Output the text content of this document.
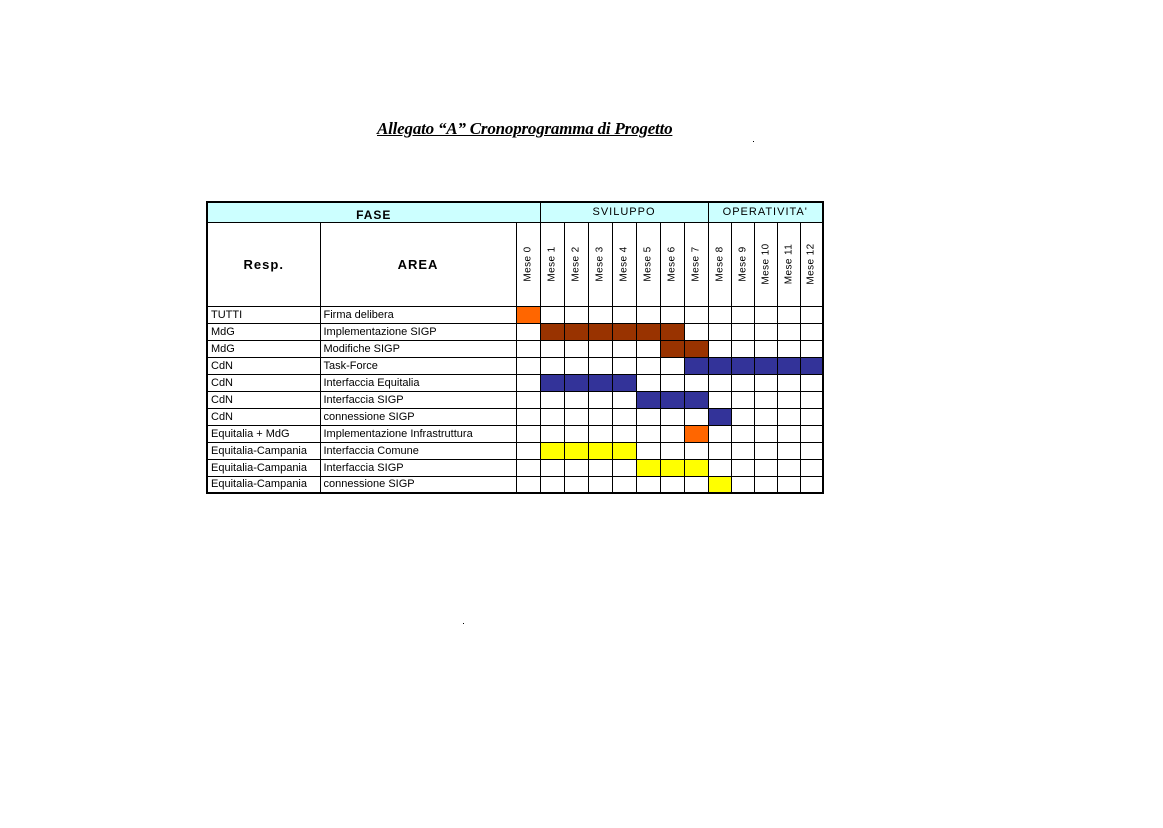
Allegato “A” Cronoprogramma di Progetto
FASE			SVILUPPO							OPERATIVITA'				
Resp.	AREA	Mese 0	Mese 1	Mese 2	Mese 3	Mese 4	Mese 5	Mese 6	Mese 7	Mese 8	Mese 9	Mese 10	Mese 11	Mese 12

TUTTI	Firma delibera													
MdG	Implementazione SIGP													
MdG	Modifiche SIGP													
CdN	Task-Force													
CdN	Interfaccia Equitalia													
CdN	Interfaccia SIGP													
CdN	connessione SIGP													
Equitalia + MdG	Implementazione Infrastruttura													
Equitalia-Campania	Interfaccia Comune													
Equitalia-Campania	Interfaccia SIGP													
Equitalia-Campania	connessione SIGP													
